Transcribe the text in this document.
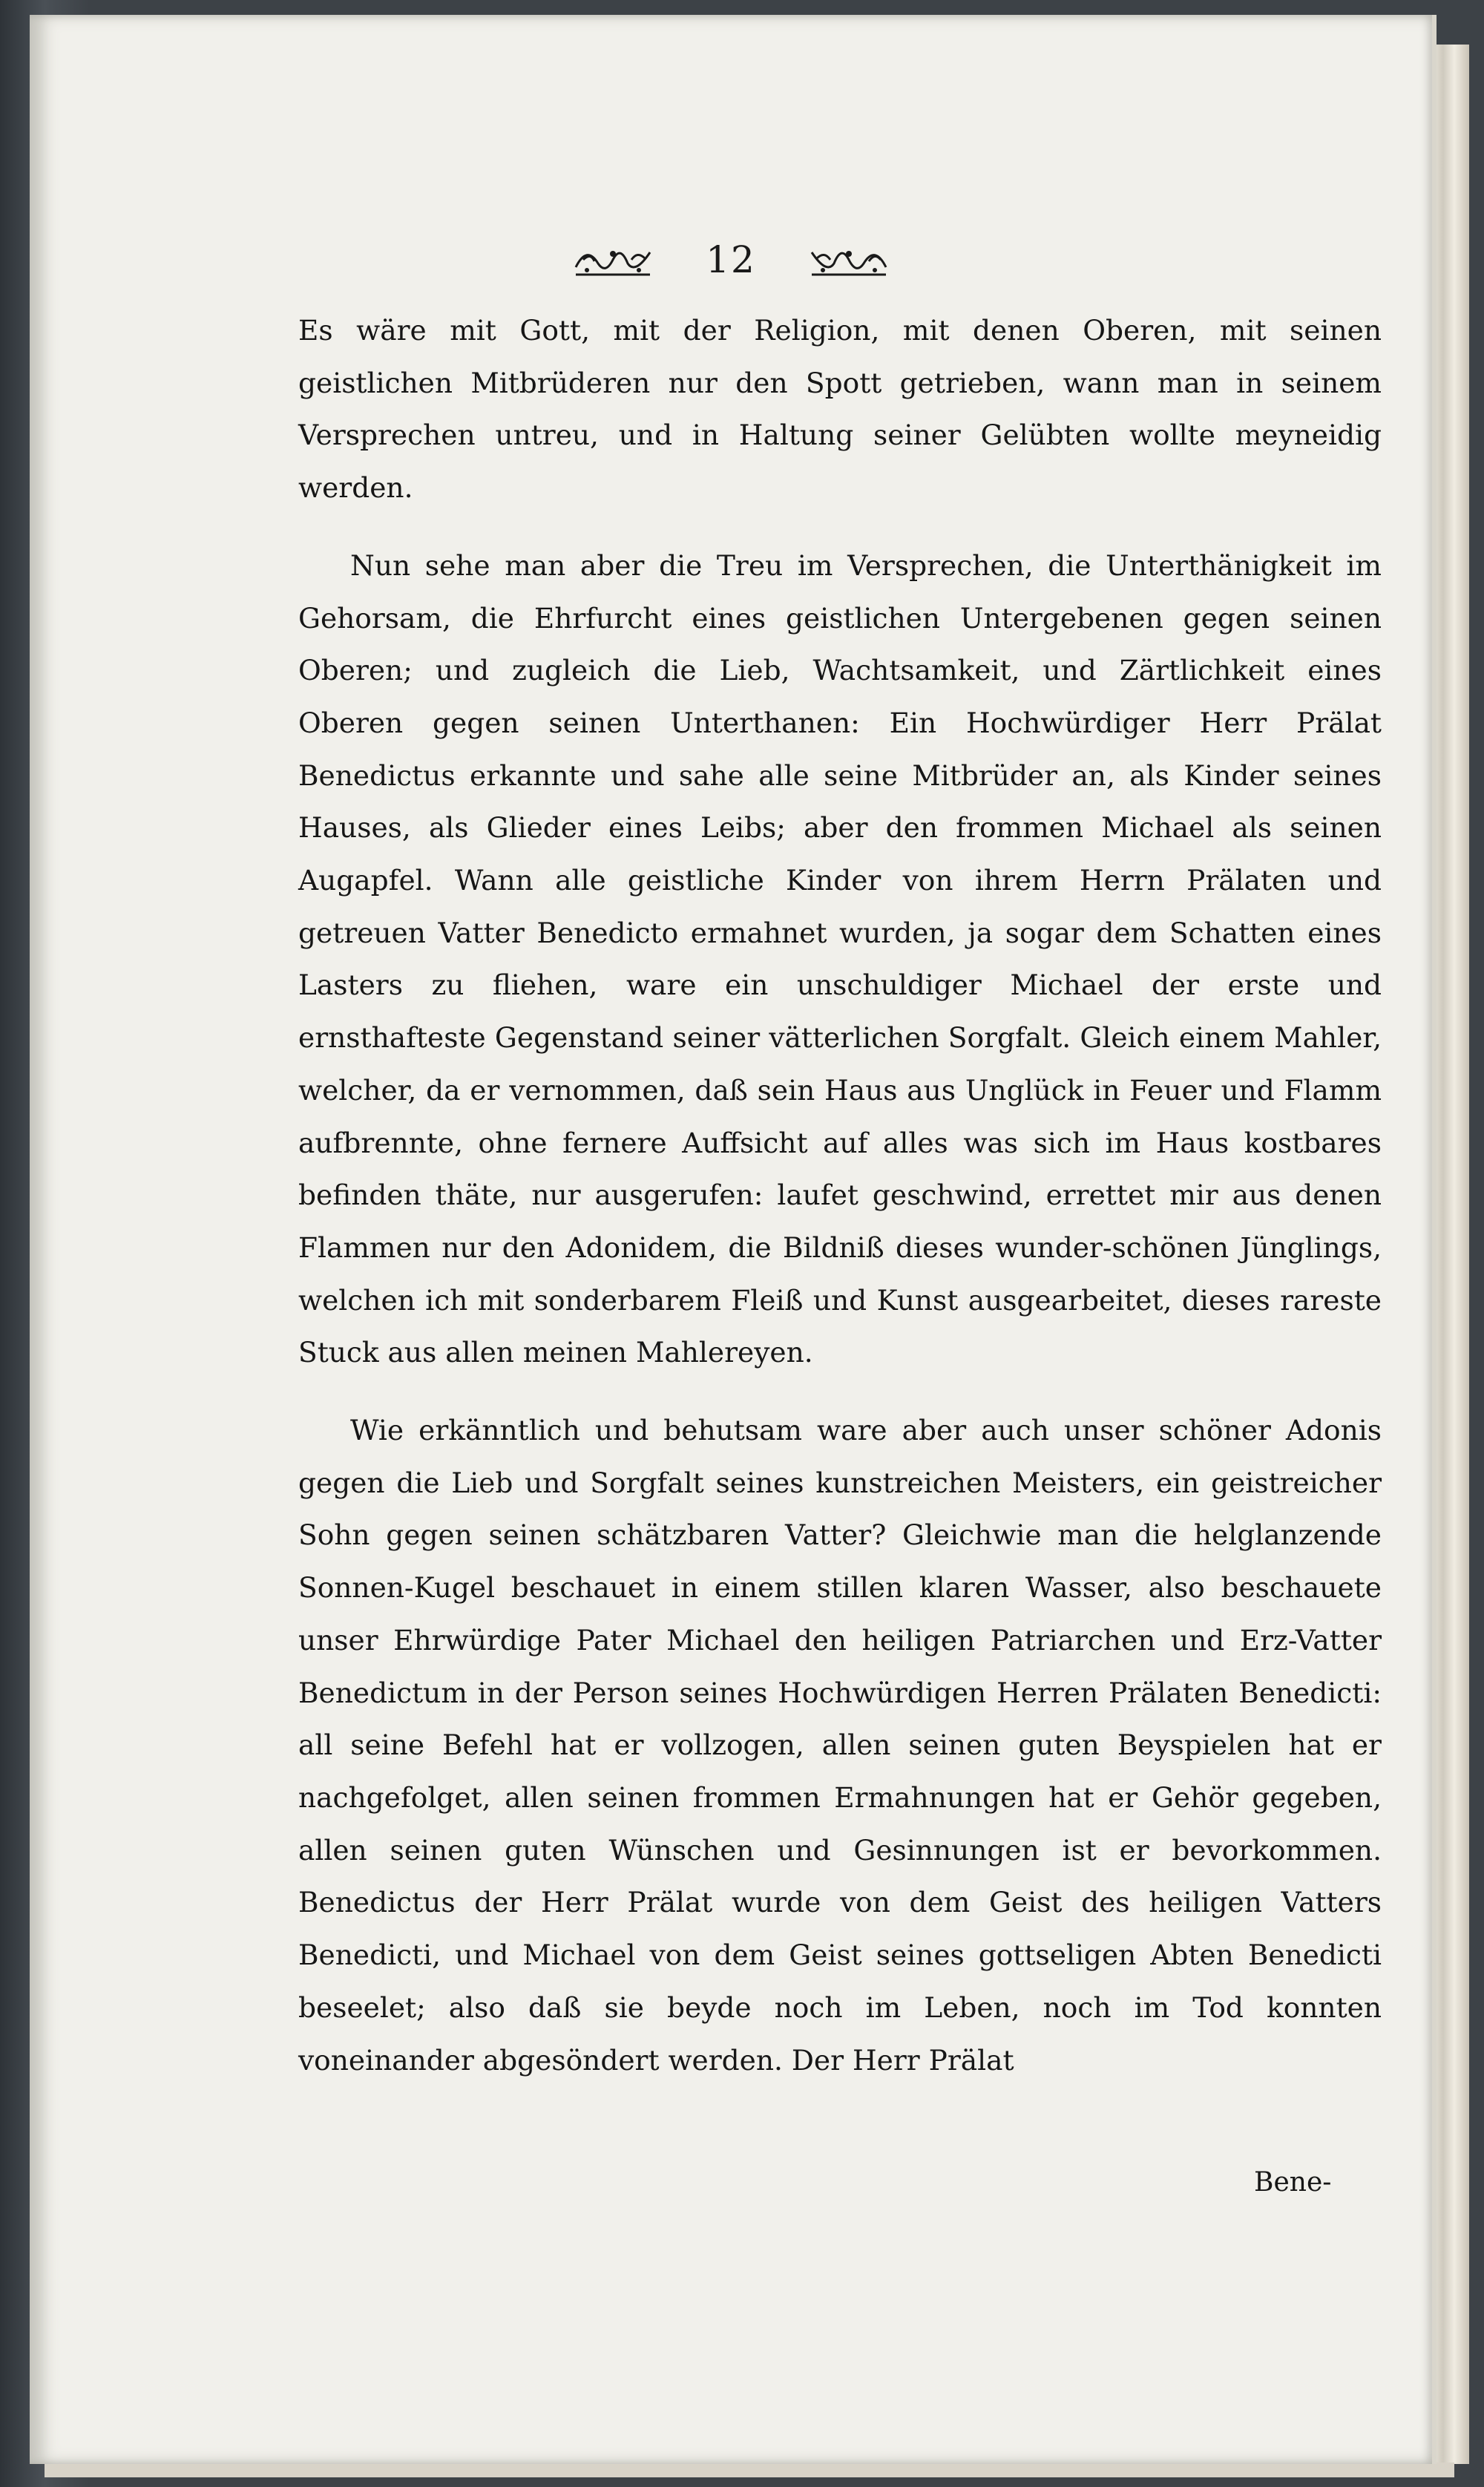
12

Es wäre mit Gott, mit der Religion, mit denen Oberen, mit seinen geistlichen Mitbrüderen nur den Spott getrieben, wann man in seinem Versprechen untreu, und in Haltung seiner Gelübten wollte meyneidig werden.

Nun sehe man aber die Treu im Versprechen, die Unterthänigkeit im Gehorsam, die Ehrfurcht eines geistlichen Untergebenen gegen seinen Oberen; und zugleich die Lieb, Wachtsamkeit, und Zärtlichkeit eines Oberen gegen seinen Unterthanen: Ein Hochwürdiger Herr Prälat Benedictus erkannte und sahe alle seine Mitbrüder an, als Kinder seines Hauses, als Glieder eines Leibs; aber den frommen Michael als seinen Augapfel. Wann alle geistliche Kinder von ihrem Herrn Prälaten und getreuen Vatter Benedicto ermahnet wurden, ja sogar dem Schatten eines Lasters zu fliehen, ware ein unschuldiger Michael der erste und ernsthafteste Gegenstand seiner vätterlichen Sorgfalt. Gleich einem Mahler, welcher, da er vernommen, daß sein Haus aus Unglück in Feuer und Flamm aufbrennte, ohne fernere Auffsicht auf alles was sich im Haus kostbares befinden thäte, nur ausgerufen: laufet geschwind, errettet mir aus denen Flammen nur den Adonidem, die Bildniß dieses wunder-schönen Jünglings, welchen ich mit sonderbarem Fleiß und Kunst ausgearbeitet, dieses rareste Stuck aus allen meinen Mahlereyen.

Wie erkänntlich und behutsam ware aber auch unser schöner Adonis gegen die Lieb und Sorgfalt seines kunstreichen Meisters, ein geistreicher Sohn gegen seinen schätzbaren Vatter? Gleichwie man die helglanzende Sonnen-Kugel beschauet in einem stillen klaren Wasser, also beschauete unser Ehrwürdige Pater Michael den heiligen Patriarchen und Erz-Vatter Benedictum in der Person seines Hochwürdigen Herren Prälaten Benedicti: all seine Befehl hat er vollzogen, allen seinen guten Beyspielen hat er nachgefolget, allen seinen frommen Ermahnungen hat er Gehör gegeben, allen seinen guten Wünschen und Gesinnungen ist er bevorkommen. Benedictus der Herr Prälat wurde von dem Geist des heiligen Vatters Benedicti, und Michael von dem Geist seines gottseligen Abten Benedicti beseelet; also daß sie beyde noch im Leben, noch im Tod konnten voneinander abgesöndert werden. Der Herr Prälat

Bene-
